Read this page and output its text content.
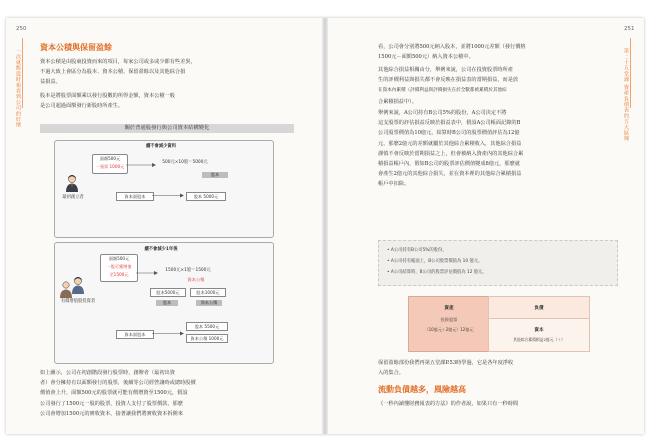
250
一次就能從財報看到公司的好壞
資本公積與保留盈餘

資本公積是由股東投資而來的項目，每家公司或多或少都有些差異，
不過大致上會區分為股本、資本公積、保留盈餘以及其他綜合損
益損益。

股本是將股票面額乘以發行股數的所得金額，資本公積一般
是公司超過面額發行新股時所產生。

關於普通股發行與公司資本結構變化
續不會減少資料
最初創立者
面額500元
一張票 1000元
500元×10股＝5000元
股本
資本面股本	股本 5000元
續不會減少1年後
有價增值股投資者
面額500元
一股可獲增值
至1500元
1500元×1股＝1500元
資本公積
股本5000元	股本1000元
股本	資本公積
資本面股本
股本 5500元
資本公積 1000元

如上圖示，公司在初創階段發行股票時，創辦者（最初出資
者）會分擁持有以面額發行的股票，後續等公司經營讓時或總時股價
價值會上升，面額500元的股票就可能有價增資至1500元，假設
公司發行了1500元一股的股票，投資人支付了股票價款，那麼
公司會增加1500元的實收資本，接著讓我們將實收資本拆開來

251
第二十五堂課 資產負債表的五大區塊

看，公司會分別將500元納入股本，並將1000元差額（發行價格
1500元－面額500元）納入資本公積中。

其他綜合損益相關由分，舉例來說，公司在投資股票時所產
生的評價利益與損失都不會反映在損益表的當期損益，而是放
在資本內累積（評價利益與評價損失在於全數都被累積於其他綜
合累積損益中）。

舉例來說，A公司持有B公司5%的股份，A公司決定不將
這支股票的評估損益反映於損益表中，假設A公司帳面記錄的B
公司股票價值為10億元，結算時B公司的股票價值評估為12億
元，那麼2億元的差額就屬於其他綜合累積收入，其他綜合損益
謹慎不會反映於當期損益之上，但會被納入資產內的其他綜合累
積損益帳戶內，假如B公司的股票評估價值變成8億元，那麼就
會產生2億元的其他綜合損失，並在資本裡的其他綜合累積損益
帳戶中扣除。

• A公司持有B公司5%的股份。
• A公司持有帳面上，B公司股票價值為 10 億元。
• A公司結算時，B公司的股票評估價值為 12 億元。
資產
投資股票
（10億元＋2億元）12億元
負債
資本
其他綜合累積損益2億元（＋）

保留盈餘部份我們再第五堂課P.53時學過，它是各年度淨收
入的集合。

流動負債越多，風險越高

《一秒內讀懂財務報表的方法》的作者說，如果只有一秒時間
